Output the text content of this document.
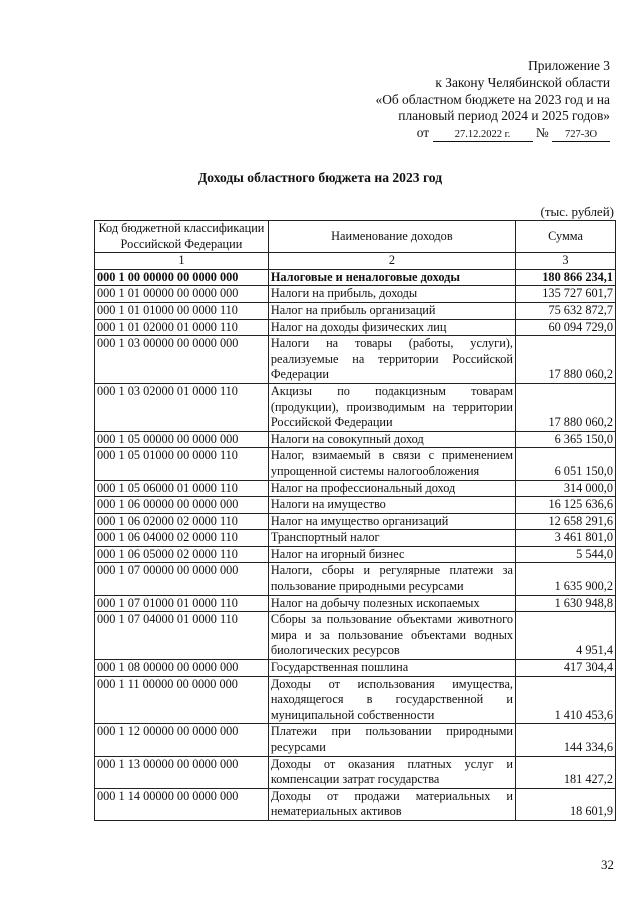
Приложение 3
к Закону Челябинской области
«Об областном бюджете на 2023 год и на
плановый период 2024 и 2025 годов»
от 27.12.2022 г. № 727-ЗО
Доходы областного бюджета на 2023 год
(тыс. рублей)
Код бюджетной классификации Российской Федерации	Наименование доходов	Сумма
1	2	3
000 1 00 00000 00 0000 000	Налоговые и неналоговые доходы	180 866 234,1
000 1 01 00000 00 0000 000	Налоги на прибыль, доходы	135 727 601,7
000 1 01 01000 00 0000 110	Налог на прибыль организаций	75 632 872,7
000 1 01 02000 01 0000 110	Налог на доходы физических лиц	60 094 729,0
000 1 03 00000 00 0000 000	Налоги на товары (работы, услуги), реализуемые на территории Российской Федерации	17 880 060,2
000 1 03 02000 01 0000 110	Акцизы по подакцизным товарам (продукции), производимым на территории Российской Федерации	17 880 060,2
000 1 05 00000 00 0000 000	Налоги на совокупный доход	6 365 150,0
000 1 05 01000 00 0000 110	Налог, взимаемый в связи с применением упрощенной системы налогообложения	6 051 150,0
000 1 05 06000 01 0000 110	Налог на профессиональный доход	314 000,0
000 1 06 00000 00 0000 000	Налоги на имущество	16 125 636,6
000 1 06 02000 02 0000 110	Налог на имущество организаций	12 658 291,6
000 1 06 04000 02 0000 110	Транспортный налог	3 461 801,0
000 1 06 05000 02 0000 110	Налог на игорный бизнес	5 544,0
000 1 07 00000 00 0000 000	Налоги, сборы и регулярные платежи за пользование природными ресурсами	1 635 900,2
000 1 07 01000 01 0000 110	Налог на добычу полезных ископаемых	1 630 948,8
000 1 07 04000 01 0000 110	Сборы за пользование объектами животного мира и за пользование объектами водных биологических ресурсов	4 951,4
000 1 08 00000 00 0000 000	Государственная пошлина	417 304,4
000 1 11 00000 00 0000 000	Доходы от использования имущества, находящегося в государственной и муниципальной собственности	1 410 453,6
000 1 12 00000 00 0000 000	Платежи при пользовании природными ресурсами	144 334,6
000 1 13 00000 00 0000 000	Доходы от оказания платных услуг и компенсации затрат государства	181 427,2
000 1 14 00000 00 0000 000	Доходы от продажи материальных и нематериальных активов	18 601,9
32
